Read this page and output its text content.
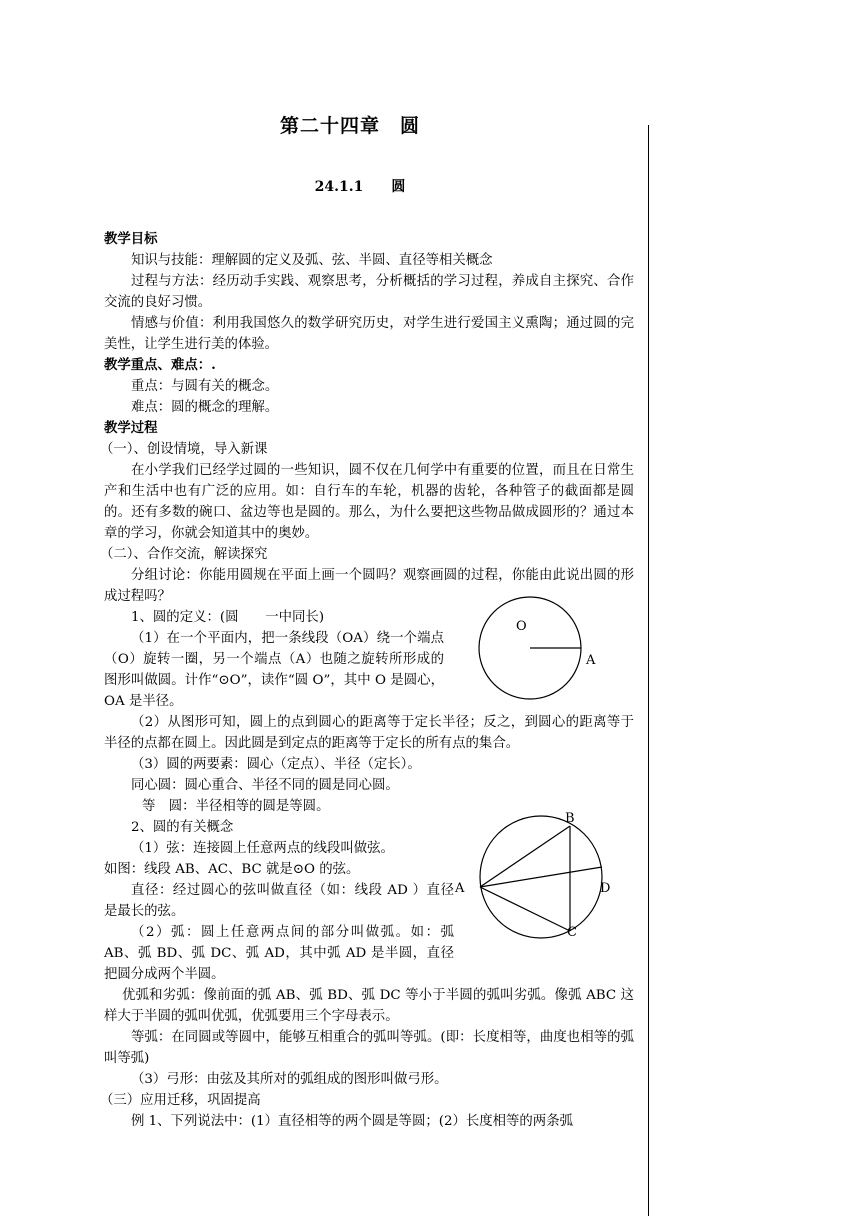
第二十四章　圆
24.1.1　　圆

教学目标

知识与技能：理解圆的定义及弧、弦、半圆、直径等相关概念

过程与方法：经历动手实践、观察思考，分析概括的学习过程，养成自主探究、合作交流的良好习惯。

情感与价值：利用我国悠久的数学研究历史，对学生进行爱国主义熏陶；通过圆的完美性，让学生进行美的体验。

教学重点、难点：.

重点：与圆有关的概念。

难点：圆的概念的理解。

教学过程

（一）、创设情境，导入新课

在小学我们已经学过圆的一些知识，圆不仅在几何学中有重要的位置，而且在日常生产和生活中也有广泛的应用。如：自行车的车轮，机器的齿轮，各种管子的截面都是圆的。还有多数的碗口、盆边等也是圆的。那么，为什么要把这些物品做成圆形的？通过本章的学习，你就会知道其中的奥妙。

（二）、合作交流，解读探究

分组讨论：你能用圆规在平面上画一个圆吗？观察画圆的过程，你能由此说出圆的形成过程吗？

1、圆的定义：(圆　　一中同长)

（1）在一个平面内，把一条线段（OA）绕一个端点（O）旋转一圈，另一个端点（A）也随之旋转所形成的图形叫做圆。计作“⊙O”，读作“圆 O”，其中 O 是圆心，OA 是半径。

（2）从图形可知，圆上的点到圆心的距离等于定长半径；反之，到圆心的距离等于半径的点都在圆上。因此圆是到定点的距离等于定长的所有点的集合。

（3）圆的两要素：圆心（定点）、半径（定长）。

同心圆：圆心重合、半径不同的圆是同心圆。

等　圆：半径相等的圆是等圆。

2、圆的有关概念

（1）弦：连接圆上任意两点的线段叫做弦。

如图：线段 AB、AC、BC 就是⊙O 的弦。

直径：经过圆心的弦叫做直径（如：线段 AD ）直径是最长的弦。

（2）弧：圆上任意两点间的部分叫做弧。如：弧 AB、弧 BD、弧 DC、弧 AD，其中弧 AD 是半圆，直径把圆分成两个半圆。

优弧和劣弧：像前面的弧 AB、弧 BD、弧 DC 等小于半圆的弧叫劣弧。像弧 ABC 这样大于半圆的弧叫优弧，优弧要用三个字母表示。

等弧：在同圆或等圆中，能够互相重合的弧叫等弧。(即：长度相等，曲度也相等的弧叫等弧)

（3）弓形：由弦及其所对的弧组成的图形叫做弓形。

（三）应用迁移，巩固提高

例 1、下列说法中：(1）直径相等的两个圆是等圆；(2）长度相等的两条弧

O
A
B
A	D
C
